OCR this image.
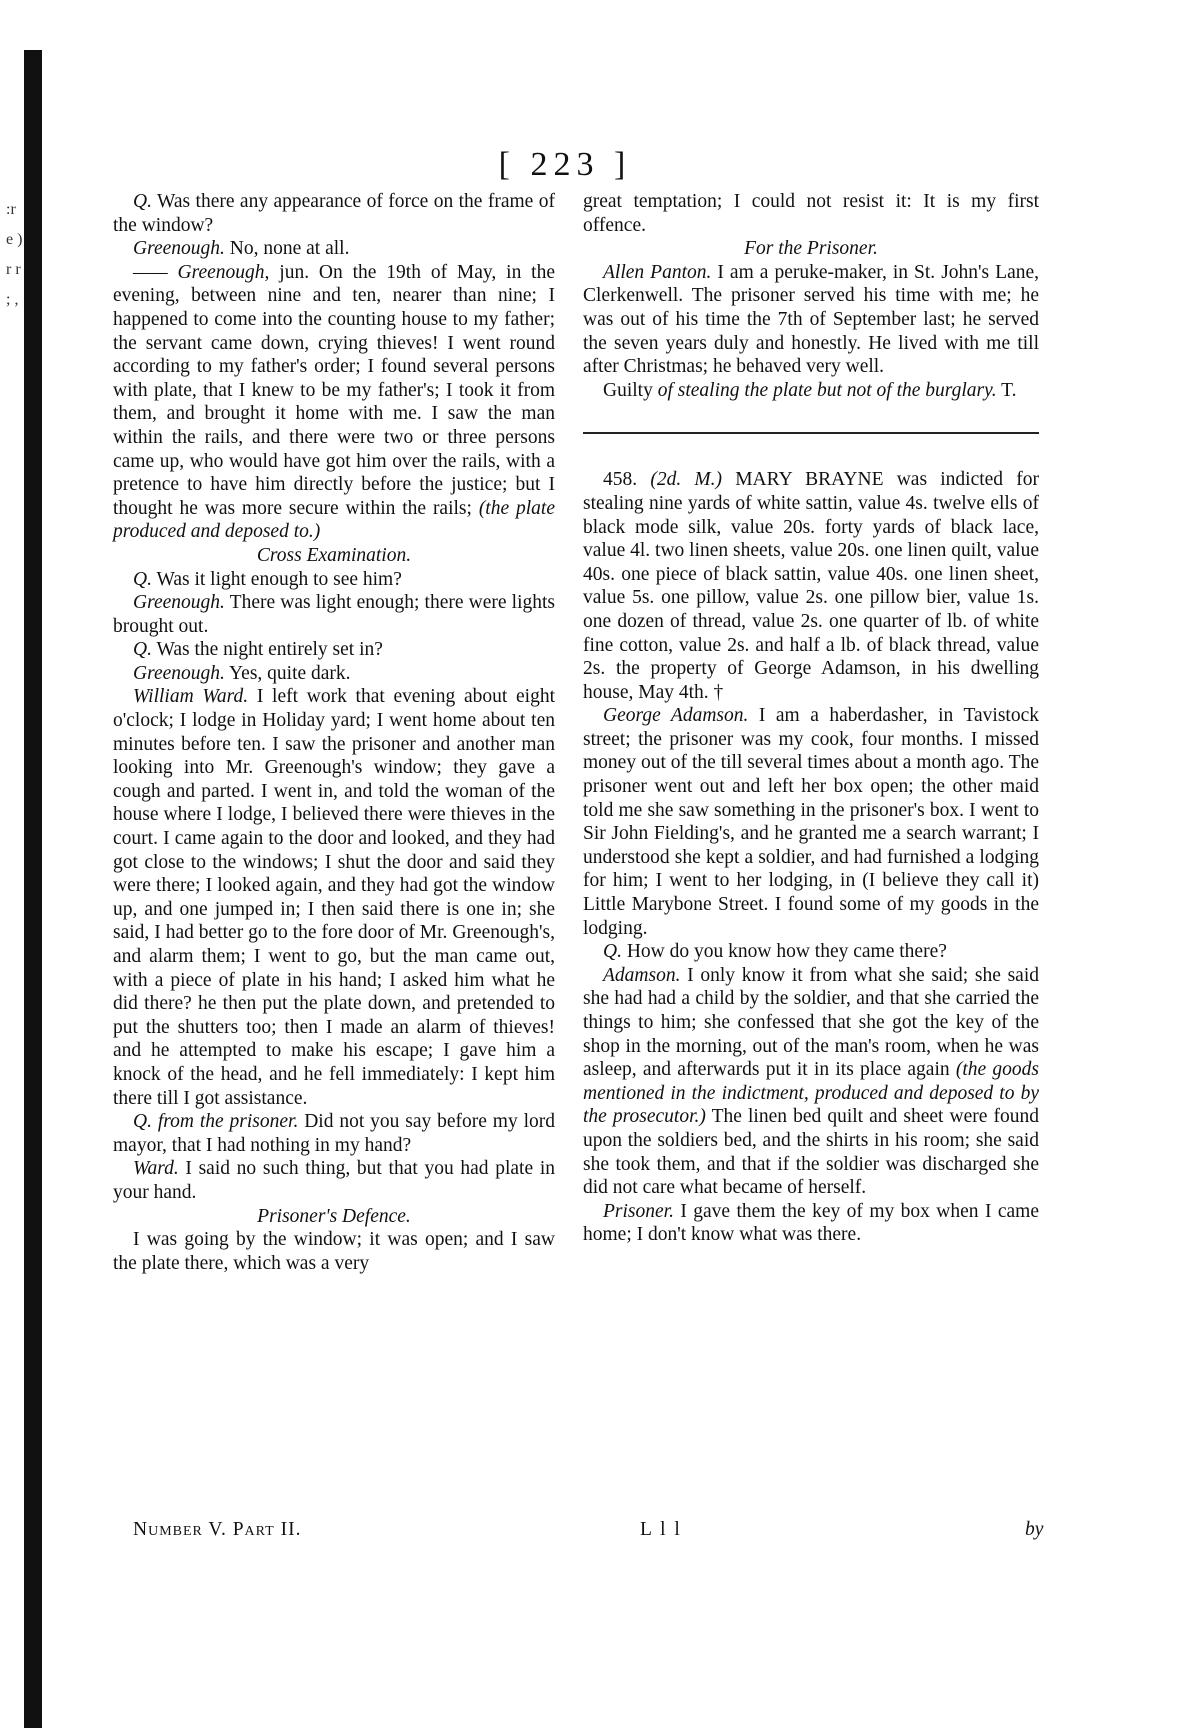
:r e ) r r ; ,
[ 223 ]

Q. Was there any appearance of force on the frame of the window?

Greenough. No, none at all.

—— Greenough, jun. On the 19th of May, in the evening, between nine and ten, nearer than nine; I happened to come into the counting house to my father; the servant came down, crying thieves! I went round according to my father's order; I found several persons with plate, that I knew to be my father's; I took it from them, and brought it home with me. I saw the man within the rails, and there were two or three persons came up, who would have got him over the rails, with a pretence to have him directly before the justice; but I thought he was more secure within the rails; (the plate produced and deposed to.)

Cross Examination.

Q. Was it light enough to see him?

Greenough. There was light enough; there were lights brought out.

Q. Was the night entirely set in?

Greenough. Yes, quite dark.

William Ward. I left work that evening about eight o'clock; I lodge in Holiday yard; I went home about ten minutes before ten. I saw the prisoner and another man looking into Mr. Greenough's window; they gave a cough and parted. I went in, and told the woman of the house where I lodge, I believed there were thieves in the court. I came again to the door and looked, and they had got close to the windows; I shut the door and said they were there; I looked again, and they had got the window up, and one jumped in; I then said there is one in; she said, I had better go to the fore door of Mr. Greenough's, and alarm them; I went to go, but the man came out, with a piece of plate in his hand; I asked him what he did there? he then put the plate down, and pretended to put the shutters too; then I made an alarm of thieves! and he attempted to make his escape; I gave him a knock of the head, and he fell immediately: I kept him there till I got assistance.

Q. from the prisoner. Did not you say before my lord mayor, that I had nothing in my hand?

Ward. I said no such thing, but that you had plate in your hand.

Prisoner's Defence.

I was going by the window; it was open; and I saw the plate there, which was a very

great temptation; I could not resist it: It is my first offence.

For the Prisoner.

Allen Panton. I am a peruke-maker, in St. John's Lane, Clerkenwell. The prisoner served his time with me; he was out of his time the 7th of September last; he served the seven years duly and honestly. He lived with me till after Christmas; he behaved very well.

Guilty of stealing the plate but not of the burglary. T.

458. (2d. M.) MARY BRAYNE was indicted for stealing nine yards of white sattin, value 4s. twelve ells of black mode silk, value 20s. forty yards of black lace, value 4l. two linen sheets, value 20s. one linen quilt, value 40s. one piece of black sattin, value 40s. one linen sheet, value 5s. one pillow, value 2s. one pillow bier, value 1s. one dozen of thread, value 2s. one quarter of lb. of white fine cotton, value 2s. and half a lb. of black thread, value 2s. the property of George Adamson, in his dwelling house, May 4th. †

George Adamson. I am a haberdasher, in Tavistock street; the prisoner was my cook, four months. I missed money out of the till several times about a month ago. The prisoner went out and left her box open; the other maid told me she saw something in the prisoner's box. I went to Sir John Fielding's, and he granted me a search warrant; I understood she kept a soldier, and had furnished a lodging for him; I went to her lodging, in (I believe they call it) Little Marybone Street. I found some of my goods in the lodging.

Q. How do you know how they came there?

Adamson. I only know it from what she said; she said she had had a child by the soldier, and that she carried the things to him; she confessed that she got the key of the shop in the morning, out of the man's room, when he was asleep, and afterwards put it in its place again (the goods mentioned in the indictment, produced and deposed to by the prosecutor.) The linen bed quilt and sheet were found upon the soldiers bed, and the shirts in his room; she said she took them, and that if the soldier was discharged she did not care what became of herself.

Prisoner. I gave them the key of my box when I came home; I don't know what was there.

Number V. Part II.	L l l	by
